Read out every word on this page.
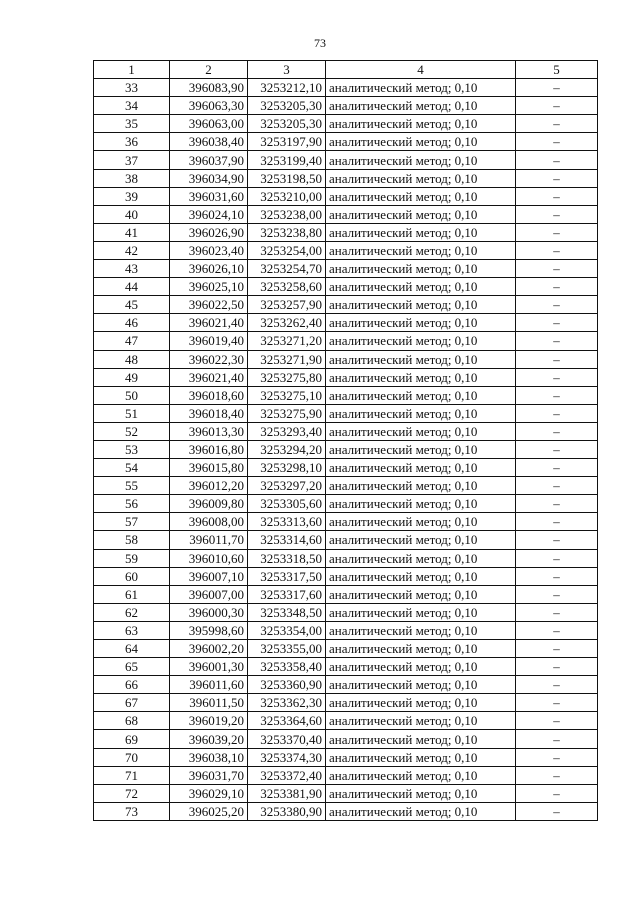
73
1	2	3	4	5
33	396083,90	3253212,10	аналитический метод; 0,10	–
34	396063,30	3253205,30	аналитический метод; 0,10	–
35	396063,00	3253205,30	аналитический метод; 0,10	–
36	396038,40	3253197,90	аналитический метод; 0,10	–
37	396037,90	3253199,40	аналитический метод; 0,10	–
38	396034,90	3253198,50	аналитический метод; 0,10	–
39	396031,60	3253210,00	аналитический метод; 0,10	–
40	396024,10	3253238,00	аналитический метод; 0,10	–
41	396026,90	3253238,80	аналитический метод; 0,10	–
42	396023,40	3253254,00	аналитический метод; 0,10	–
43	396026,10	3253254,70	аналитический метод; 0,10	–
44	396025,10	3253258,60	аналитический метод; 0,10	–
45	396022,50	3253257,90	аналитический метод; 0,10	–
46	396021,40	3253262,40	аналитический метод; 0,10	–
47	396019,40	3253271,20	аналитический метод; 0,10	–
48	396022,30	3253271,90	аналитический метод; 0,10	–
49	396021,40	3253275,80	аналитический метод; 0,10	–
50	396018,60	3253275,10	аналитический метод; 0,10	–
51	396018,40	3253275,90	аналитический метод; 0,10	–
52	396013,30	3253293,40	аналитический метод; 0,10	–
53	396016,80	3253294,20	аналитический метод; 0,10	–
54	396015,80	3253298,10	аналитический метод; 0,10	–
55	396012,20	3253297,20	аналитический метод; 0,10	–
56	396009,80	3253305,60	аналитический метод; 0,10	–
57	396008,00	3253313,60	аналитический метод; 0,10	–
58	396011,70	3253314,60	аналитический метод; 0,10	–
59	396010,60	3253318,50	аналитический метод; 0,10	–
60	396007,10	3253317,50	аналитический метод; 0,10	–
61	396007,00	3253317,60	аналитический метод; 0,10	–
62	396000,30	3253348,50	аналитический метод; 0,10	–
63	395998,60	3253354,00	аналитический метод; 0,10	–
64	396002,20	3253355,00	аналитический метод; 0,10	–
65	396001,30	3253358,40	аналитический метод; 0,10	–
66	396011,60	3253360,90	аналитический метод; 0,10	–
67	396011,50	3253362,30	аналитический метод; 0,10	–
68	396019,20	3253364,60	аналитический метод; 0,10	–
69	396039,20	3253370,40	аналитический метод; 0,10	–
70	396038,10	3253374,30	аналитический метод; 0,10	–
71	396031,70	3253372,40	аналитический метод; 0,10	–
72	396029,10	3253381,90	аналитический метод; 0,10	–
73	396025,20	3253380,90	аналитический метод; 0,10	–
